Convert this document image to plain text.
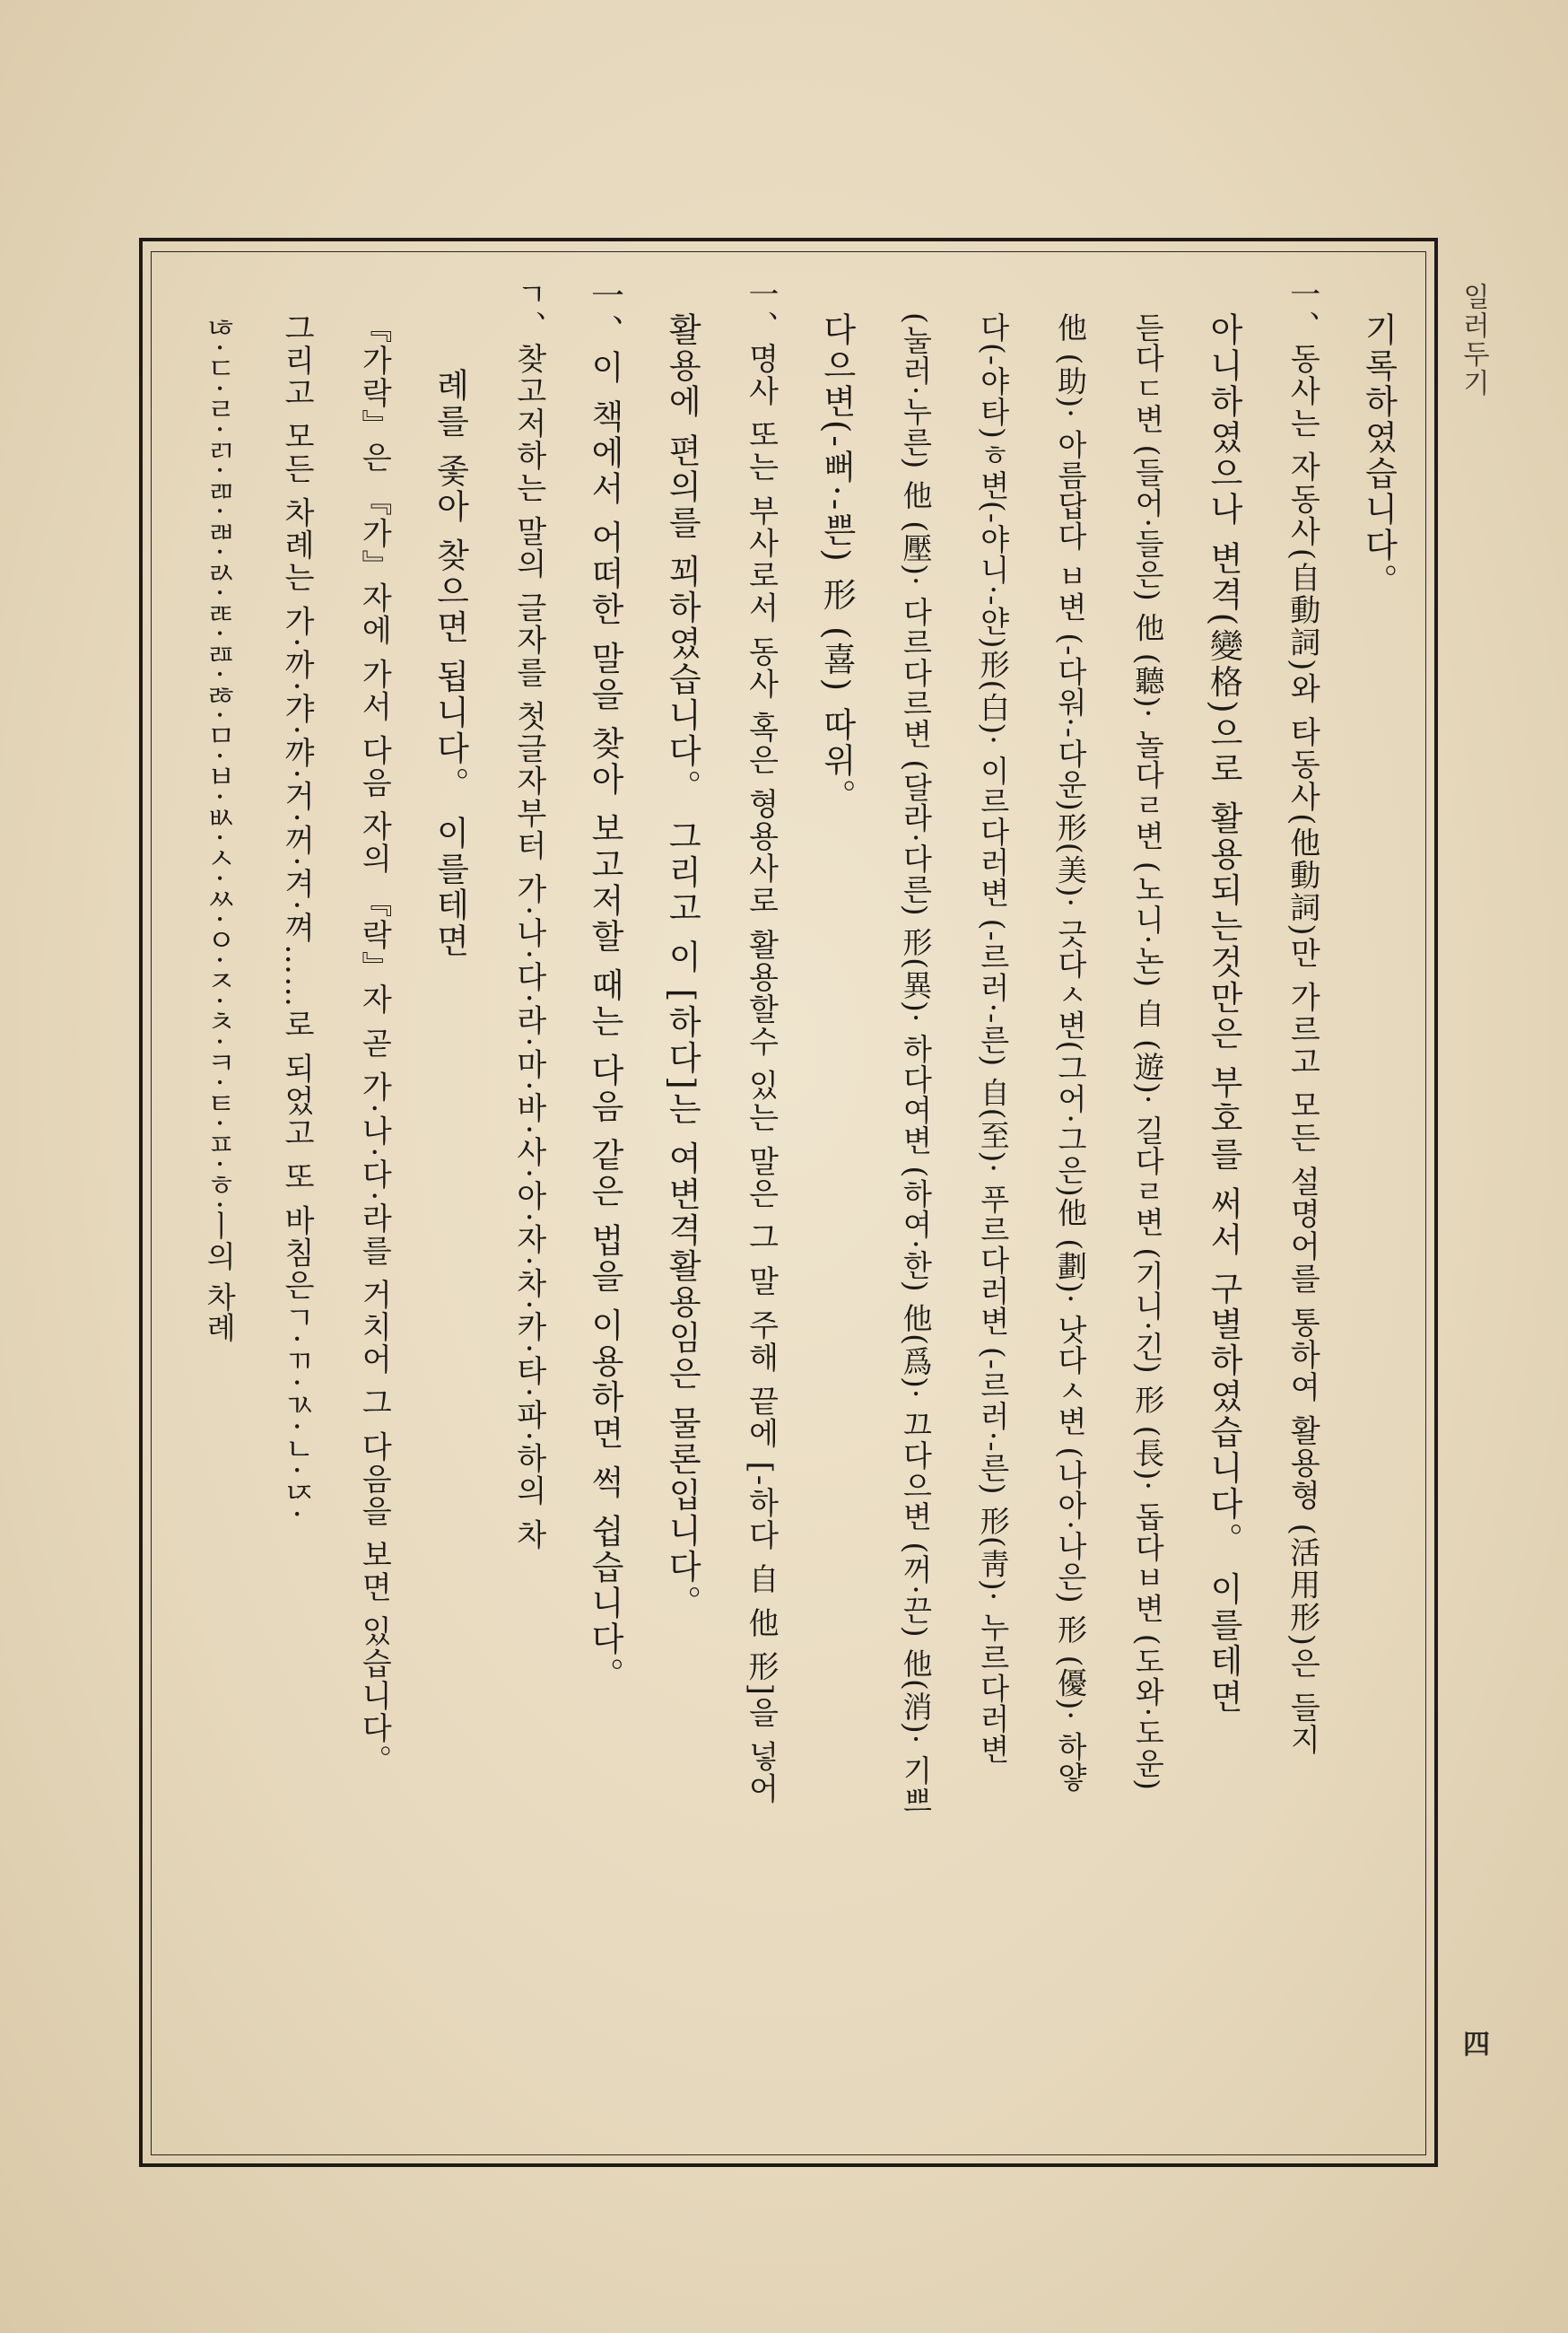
일러두기
四
기록하였습니다。
一、동사는 자동사(自動詞)와 타동사(他動詞)만 가르고 모든 설명어를 통하여 활용형 (活用形)은 들지
아니하였으나 변격(變格)으로 활용되는것만은 부호를 써서 구별하였습니다。 이를테면
듣다ㄷ변 (들어·들은) 他 (聽)· 놀다ㄹ변 (노니·논) 自 (遊)· 길다ㄹ변 (기니·긴) 形 (長)· 돕다ㅂ변 (도와·도운)
他 (助)· 아름답다 ㅂ변 (-다워·-다운)形(美)· 긋다ㅅ변(그어·그은)他 (劃)· 낫다ㅅ변 (나아·나은) 形 (優)· 하얗
다(-야타)ㅎ변(-야니·-얀)形(白)· 이르다러변 (-르러·-른) 自(至)· 푸르다러변 (-르러·-른) 形(靑)· 누르다러변
(눌러·누른) 他 (壓)· 다르다르변 (달라·다른) 形(異)· 하다여변 (하여·한) 他(爲)· 끄다으변 (꺼·끈) 他(消)· 기쁘
다으변(-뻐·-쁜) 形 (喜) 따위。
一、명사 또는 부사로서 동사 혹은 형용사로 활용할수 있는 말은 그 말 주해 끝에 [-하다 自 他 形]을 넣어
활용에 편의를 꾀하였습니다。 그리고 이 [하다]는 여변격활용임은 물론입니다。
一、이 책에서 어떠한 말을 찾아 보고저할 때는 다음 같은 법을 이용하면 썩 쉽습니다。
ㄱ、찾고저하는 말의 글자를 첫글자부터 가·나·다·라·마·바·사·아·자·차·카·타·파·하의 차
례를 좇아 찾으면 됩니다。 이를테면
『가락』은 『가』자에 가서 다음 자의 『락』자 곧 가·나·다·라를 거치어 그 다음을 보면 있습니다。
그리고 모든 차례는 가·까·갸·꺄·거·꺼·겨·껴……로 되었고 또 바침은ㄱ·ㄲ·ㄳ·ㄴ·ㄵ·
ㄶ·ㄷ·ㄹ·ㄺ·ㄻ·ㄼ·ㄽ·ㄾ·ㄿ·ㅀ·ㅁ·ㅂ·ㅄ·ㅅ·ㅆ·ㅇ·ㅈ·ㅊ·ㅋ·ㅌ·ㅍ·ㅎ·ㅣ의 차례
